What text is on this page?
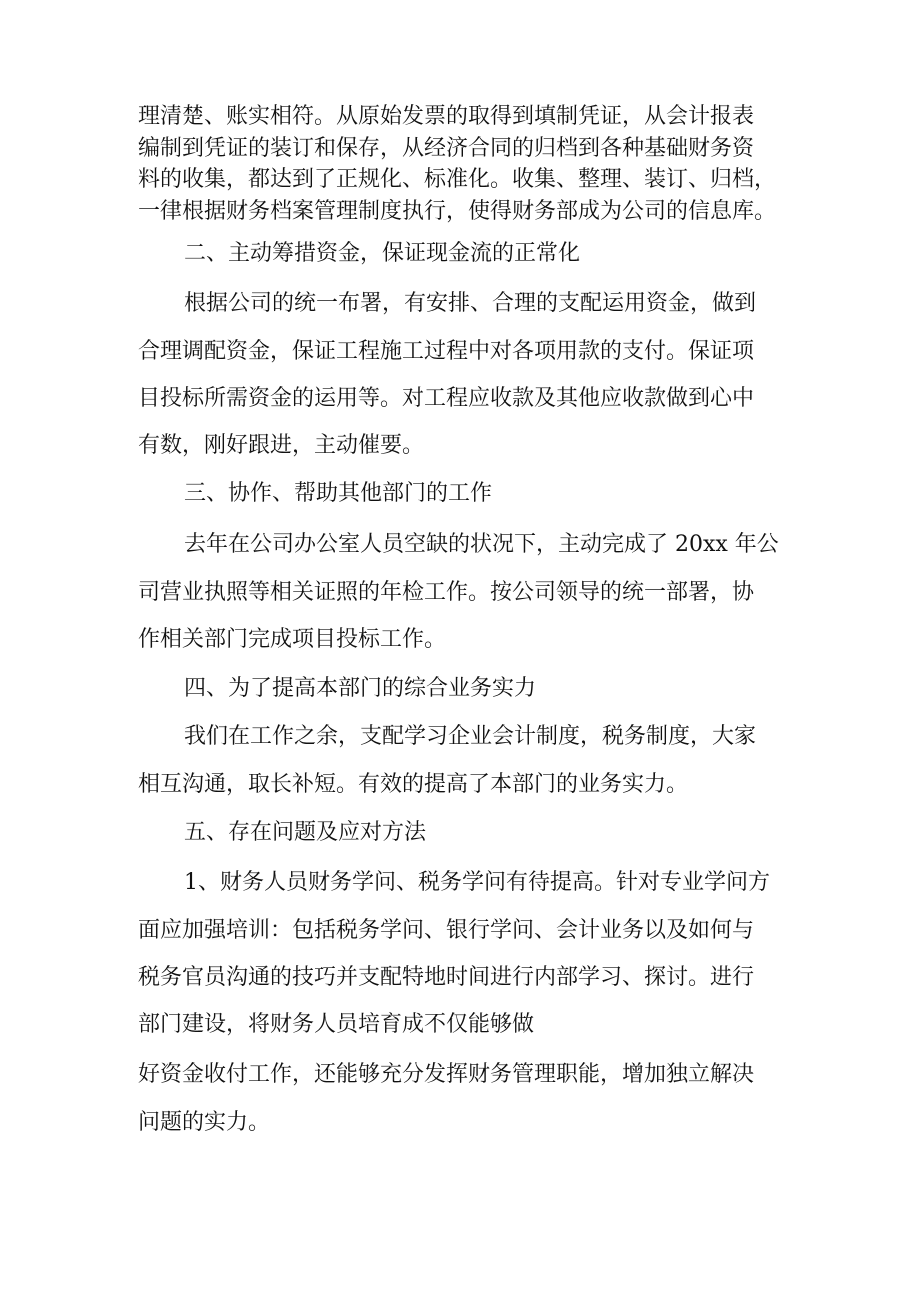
理清楚、账实相符。从原始发票的取得到填制凭证，从会计报表

编制到凭证的装订和保存，从经济合同的归档到各种基础财务资

料的收集，都达到了正规化、标准化。收集、整理、装订、归档，

一律根据财务档案管理制度执行，使得财务部成为公司的信息库。

二、主动筹措资金，保证现金流的正常化

根据公司的统一布署，有安排、合理的支配运用资金，做到

合理调配资金，保证工程施工过程中对各项用款的支付。保证项

目投标所需资金的运用等。对工程应收款及其他应收款做到心中

有数，刚好跟进，主动催要。

三、协作、帮助其他部门的工作

去年在公司办公室人员空缺的状况下，主动完成了 20xx 年公

司营业执照等相关证照的年检工作。按公司领导的统一部署，协

作相关部门完成项目投标工作。

四、为了提高本部门的综合业务实力

我们在工作之余，支配学习企业会计制度，税务制度，大家

相互沟通，取长补短。有效的提高了本部门的业务实力。

五、存在问题及应对方法

1、财务人员财务学问、税务学问有待提高。针对专业学问方

面应加强培训：包括税务学问、银行学问、会计业务以及如何与

税务官员沟通的技巧并支配特地时间进行内部学习、探讨。进行

部门建设，将财务人员培育成不仅能够做

好资金收付工作，还能够充分发挥财务管理职能，增加独立解决

问题的实力。
